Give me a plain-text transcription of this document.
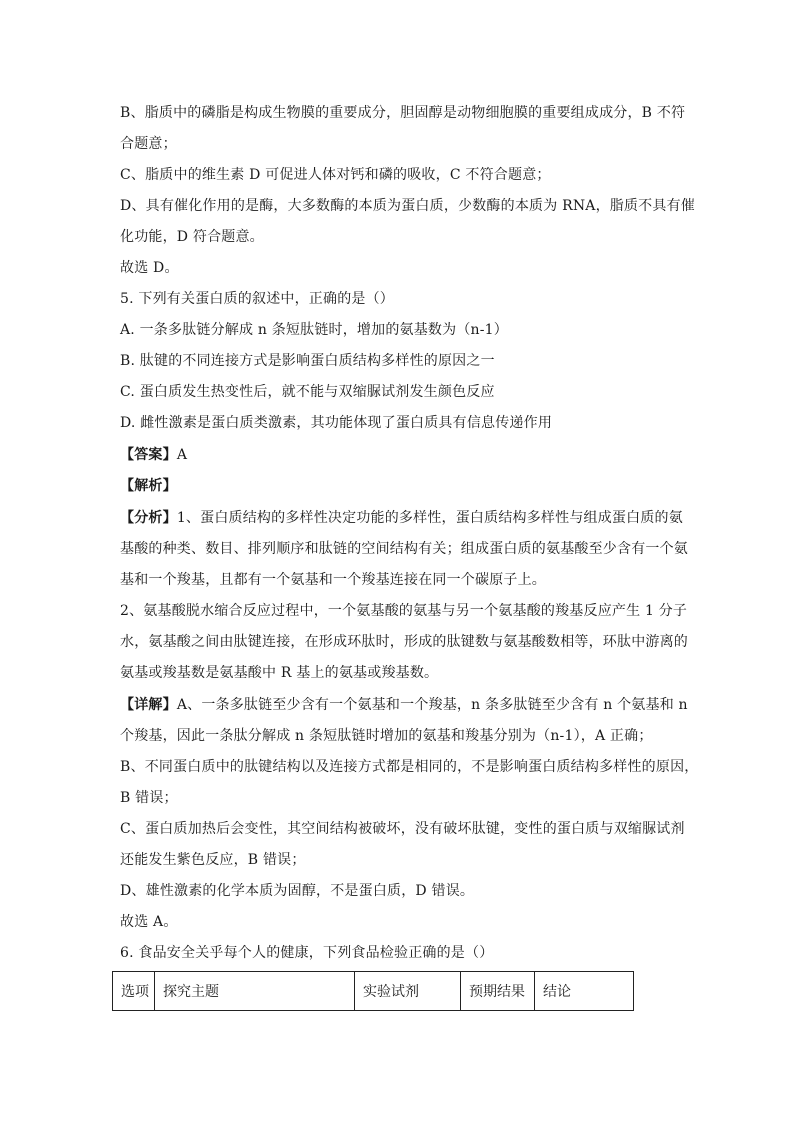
B、脂质中的磷脂是构成生物膜的重要成分，胆固醇是动物细胞膜的重要组成成分，B 不符
合题意；
C、脂质中的维生素 D 可促进人体对钙和磷的吸收，C 不符合题意；
D、具有催化作用的是酶，大多数酶的本质为蛋白质，少数酶的本质为 RNA，脂质不具有催
化功能，D 符合题意。
故选 D。
5. 下列有关蛋白质的叙述中，正确的是（）
A. 一条多肽链分解成 n 条短肽链时，增加的氨基数为（n-1）
B. 肽键的不同连接方式是影响蛋白质结构多样性的原因之一
C. 蛋白质发生热变性后，就不能与双缩脲试剂发生颜色反应
D. 雌性激素是蛋白质类激素，其功能体现了蛋白质具有信息传递作用
【答案】A
【解析】
【分析】1、蛋白质结构的多样性决定功能的多样性，蛋白质结构多样性与组成蛋白质的氨
基酸的种类、数目、排列顺序和肽链的空间结构有关；组成蛋白质的氨基酸至少含有一个氨
基和一个羧基，且都有一个氨基和一个羧基连接在同一个碳原子上。
2、氨基酸脱水缩合反应过程中，一个氨基酸的氨基与另一个氨基酸的羧基反应产生 1 分子
水，氨基酸之间由肽键连接，在形成环肽时，形成的肽键数与氨基酸数相等，环肽中游离的
氨基或羧基数是氨基酸中 R 基上的氨基或羧基数。
【详解】A、一条多肽链至少含有一个氨基和一个羧基，n 条多肽链至少含有 n 个氨基和 n
个羧基，因此一条肽分解成 n 条短肽链时增加的氨基和羧基分别为（n-1），A 正确；
B、不同蛋白质中的肽键结构以及连接方式都是相同的，不是影响蛋白质结构多样性的原因，
B 错误；
C、蛋白质加热后会变性，其空间结构被破坏，没有破坏肽键，变性的蛋白质与双缩脲试剂
还能发生紫色反应，B 错误；
D、雄性激素的化学本质为固醇，不是蛋白质，D 错误。
故选 A。
6. 食品安全关乎每个人的健康，下列食品检验正确的是（）
选项	探究主题	实验试剂	预期结果	结论
